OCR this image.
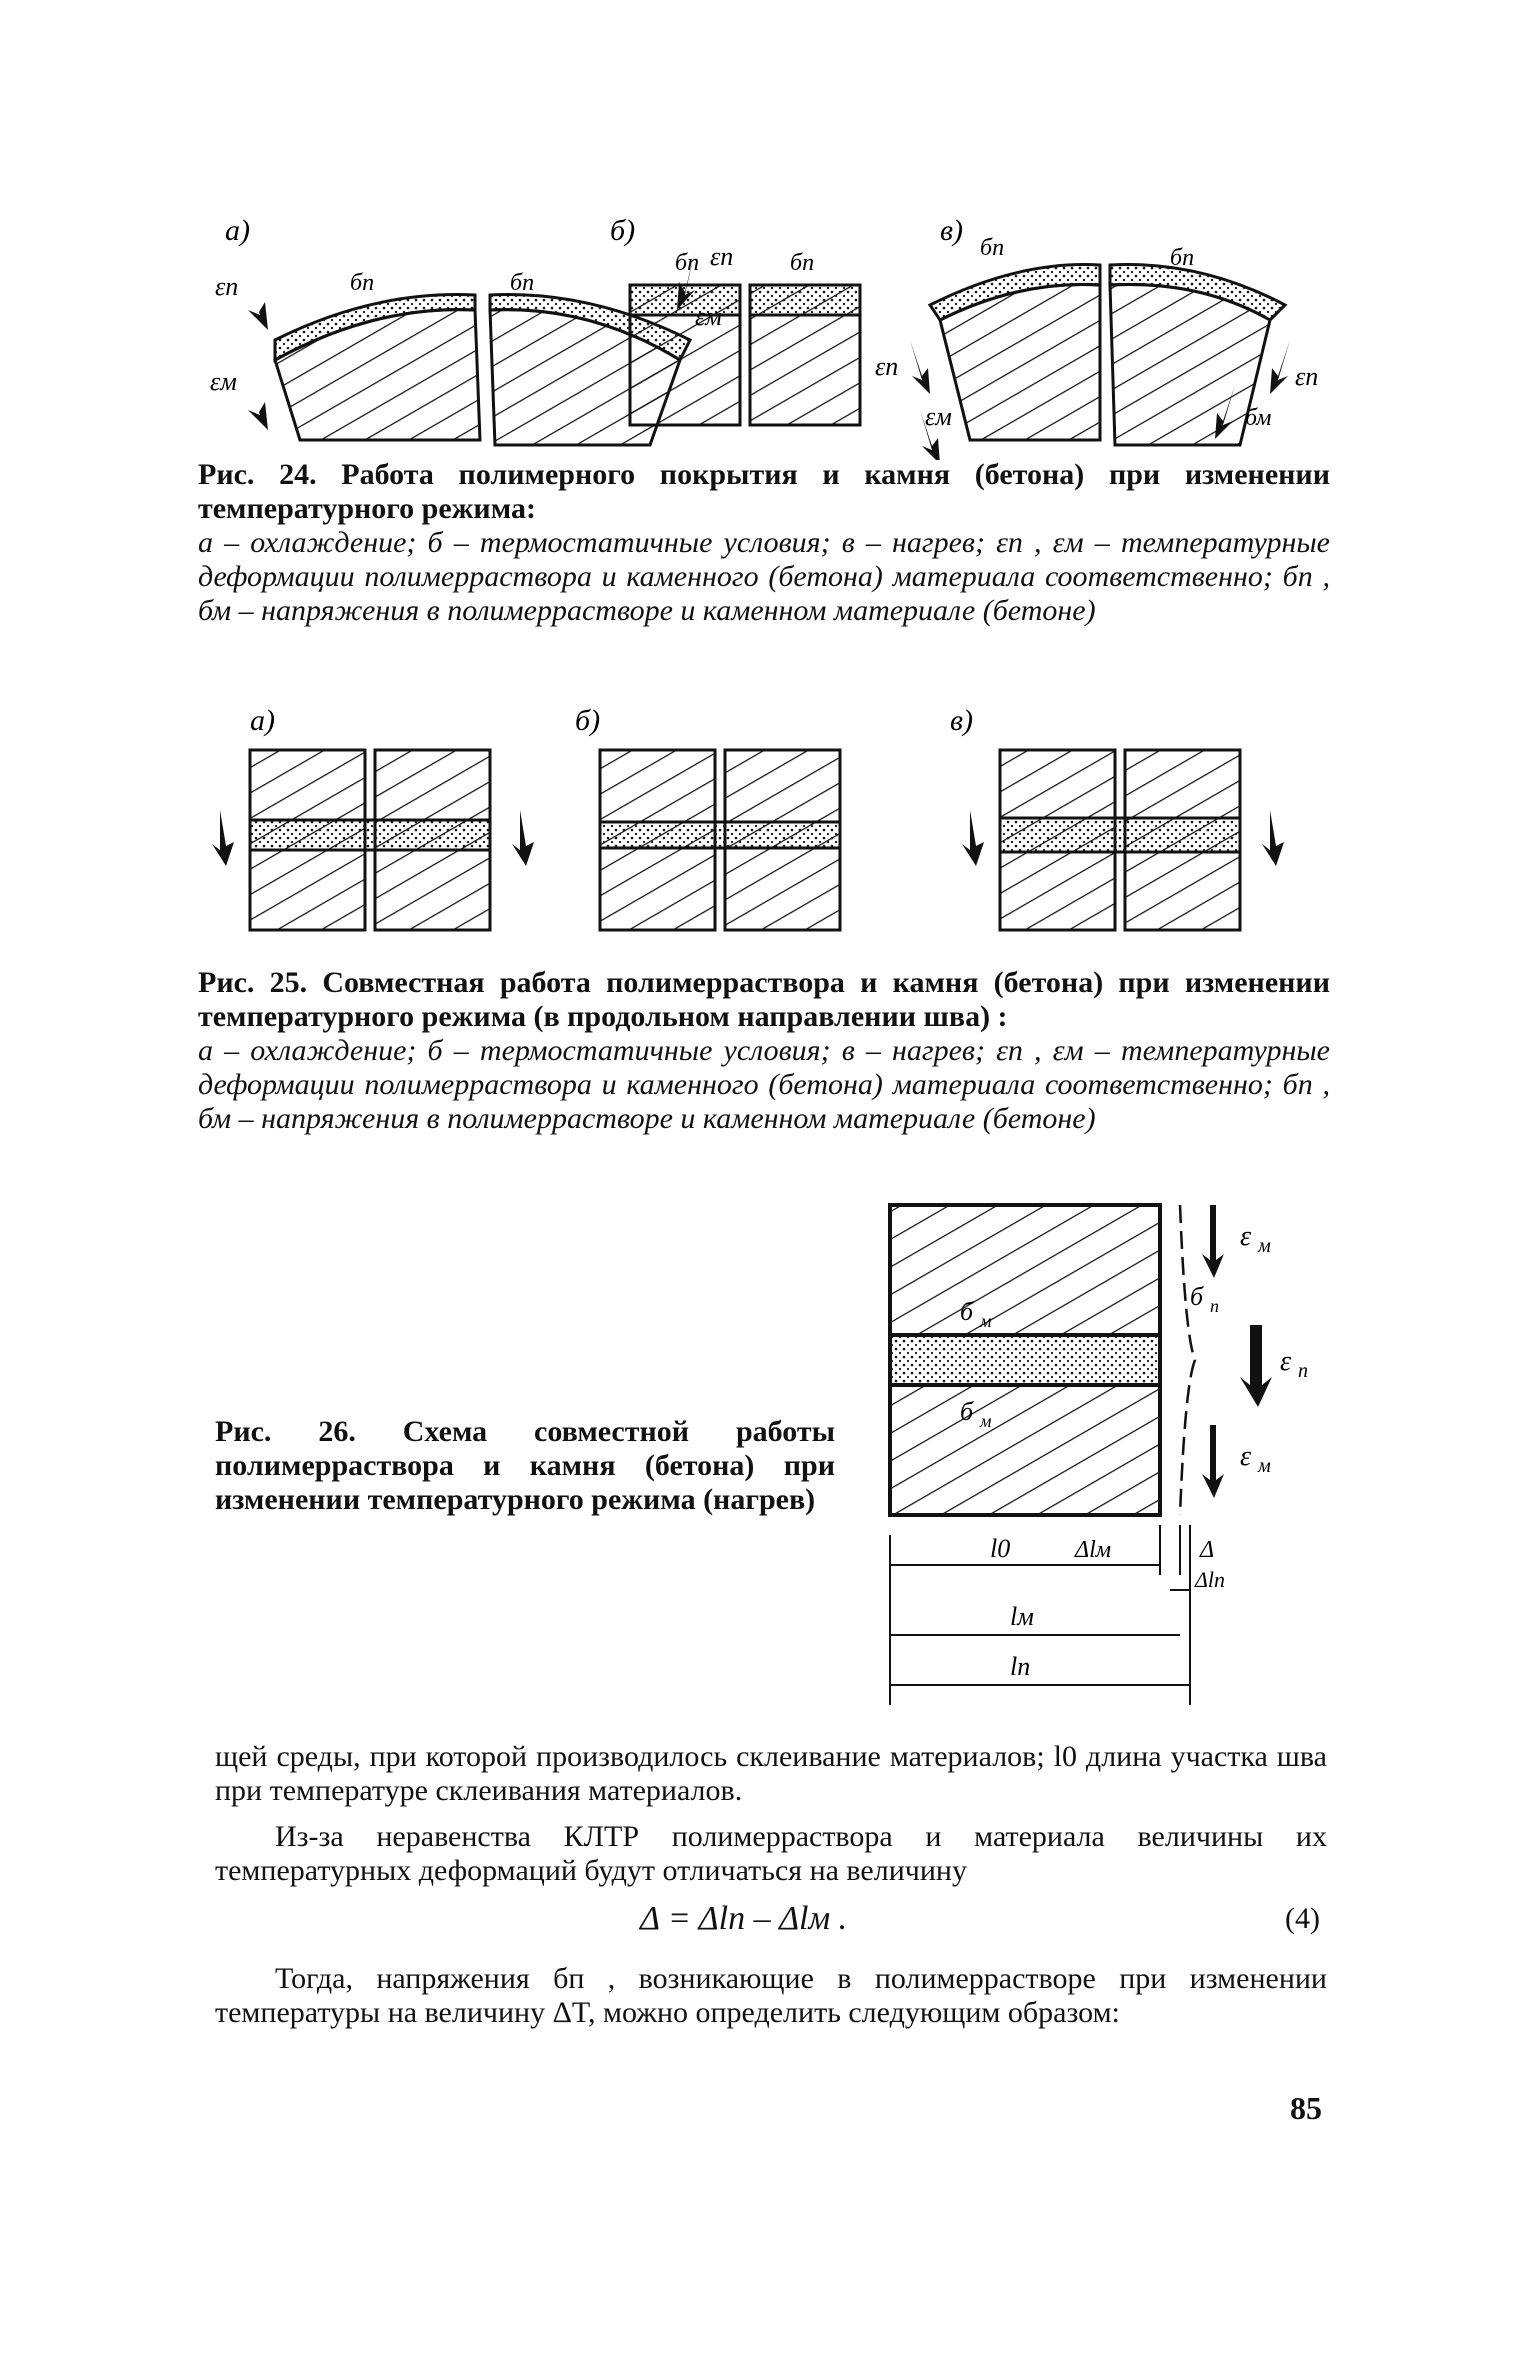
а)
εп
εм
бп	бп
εп
б)
бп	бп
в)
бп	бп
εп
εм
εп
бм
Рис. 24. Работа полимерного покрытия и камня (бетона) при изменении температурного режима:
а – охлаждение; б – термостатичные условия; в – нагрев; εп , εм – температурные деформации полимерраствора и каменного (бетона) материала соответственно; бп , бм – напряжения в полимерраcтворе и каменном материале (бетоне)
а)	б)	в)
Рис. 25. Совместная работа полимерраствора и камня (бетона) при изменении температурного режима (в продольном направлении шва) :
а – охлаждение; б – термостатичные условия; в – нагрев; εп , εм – температурные деформации полимерраствора и каменного (бетона) материала соответственно; бп , бм – напряжения в полимерраcтворе и каменном материале (бетоне)
Рис. 26. Схема совместной работы полимерраствора и камня (бетона) при изменении температурного режима (нагрев)
б м
б м
б п
ε м
ε п
ε м
l0	Δlм	Δ
Δlп
lм
lп
щей среды, при которой производилось склеивание материалов; l0 длина участка шва при температуре склеивания материалов.
Из-за неравенства КЛТР полимерраствора и материала величины их температурных деформаций будут отличаться на величину
Δ = Δlп – Δlм .	(4)
Тогда, напряжения бп , возникающие в полимерраcтворе при изменении температуры на величину ΔT, можно определить следующим образом:
85
